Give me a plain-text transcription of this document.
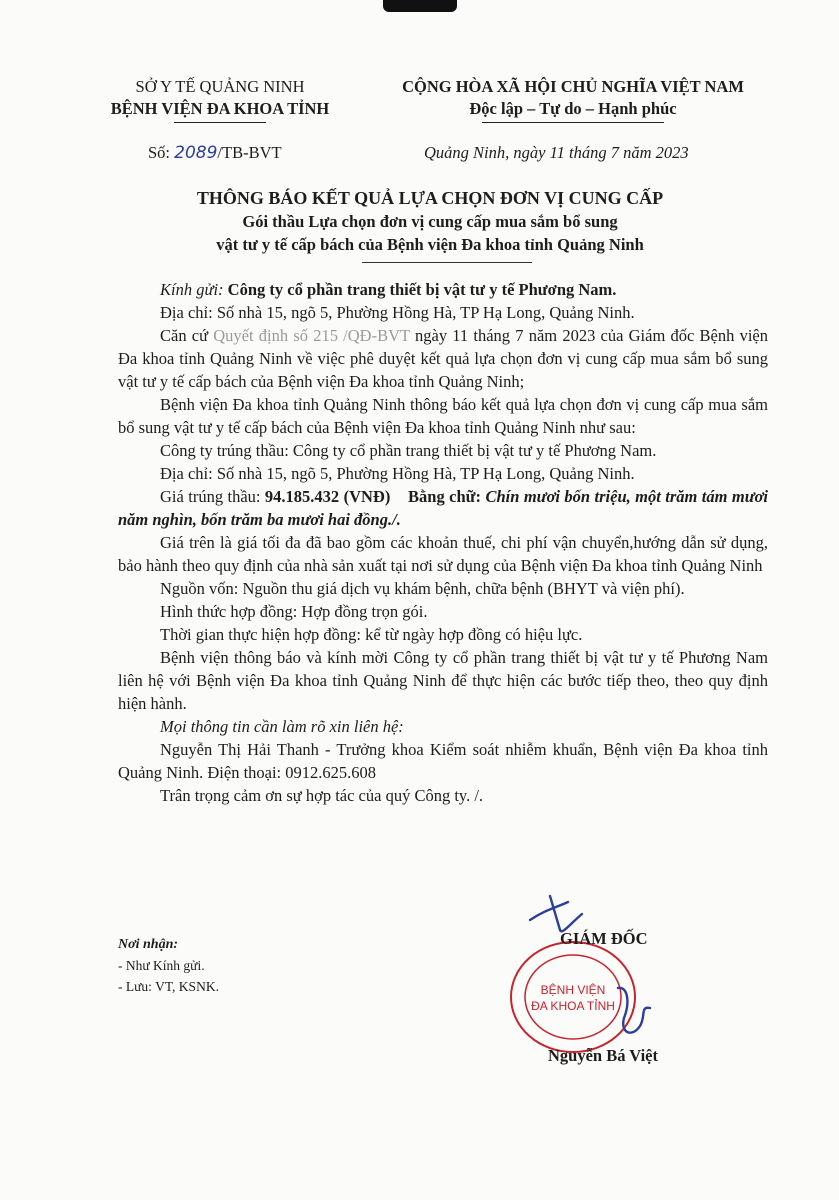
SỞ Y TẾ QUẢNG NINH
BỆNH VIỆN ĐA KHOA TỈNH
CỘNG HÒA XÃ HỘI CHỦ NGHĨA VIỆT NAM
Độc lập – Tự do – Hạnh phúc
Số: 2089/TB-BVT	Quảng Ninh, ngày 11 tháng 7 năm 2023
THÔNG BÁO KẾT QUẢ LỰA CHỌN ĐƠN VỊ CUNG CẤP
Gói thầu Lựa chọn đơn vị cung cấp mua sắm bổ sung
vật tư y tế cấp bách của Bệnh viện Đa khoa tỉnh Quảng Ninh

Kính gửi: Công ty cổ phần trang thiết bị vật tư y tế Phương Nam.

Địa chỉ: Số nhà 15, ngõ 5, Phường Hồng Hà, TP Hạ Long, Quảng Ninh.

Căn cứ Quyết định số 215 /QĐ-BVT ngày 11 tháng 7 năm 2023 của Giám đốc Bệnh viện Đa khoa tỉnh Quảng Ninh về việc phê duyệt kết quả lựa chọn đơn vị cung cấp mua sắm bổ sung vật tư y tế cấp bách của Bệnh viện Đa khoa tỉnh Quảng Ninh;

Bệnh viện Đa khoa tỉnh Quảng Ninh thông báo kết quả lựa chọn đơn vị cung cấp mua sắm bổ sung vật tư y tế cấp bách của Bệnh viện Đa khoa tỉnh Quảng Ninh như sau:

Công ty trúng thầu: Công ty cổ phần trang thiết bị vật tư y tế Phương Nam.

Địa chỉ: Số nhà 15, ngõ 5, Phường Hồng Hà, TP Hạ Long, Quảng Ninh.

Giá trúng thầu: 94.185.432 (VNĐ) Bằng chữ: Chín mươi bốn triệu, một trăm tám mươi năm nghìn, bốn trăm ba mươi hai đồng./.

Giá trên là giá tối đa đã bao gồm các khoản thuế, chi phí vận chuyển,hướng dẫn sử dụng, bảo hành theo quy định của nhà sản xuất tại nơi sử dụng của Bệnh viện Đa khoa tỉnh Quảng Ninh

Nguồn vốn: Nguồn thu giá dịch vụ khám bệnh, chữa bệnh (BHYT và viện phí).

Hình thức hợp đồng: Hợp đồng trọn gói.

Thời gian thực hiện hợp đồng: kể từ ngày hợp đồng có hiệu lực.

Bệnh viện thông báo và kính mời Công ty cổ phần trang thiết bị vật tư y tế Phương Nam liên hệ với Bệnh viện Đa khoa tỉnh Quảng Ninh để thực hiện các bước tiếp theo, theo quy định hiện hành.

Mọi thông tin cần làm rõ xin liên hệ:

Nguyễn Thị Hải Thanh - Trưởng khoa Kiểm soát nhiễm khuẩn, Bệnh viện Đa khoa tỉnh Quảng Ninh. Điện thoại: 0912.625.608

Trân trọng cảm ơn sự hợp tác của quý Công ty. /.

Nơi nhận:
- Như Kính gửi.
- Lưu: VT, KSNK.	BỆNH VIỆN
ĐA KHOA TỈNH
GIÁM ĐỐC
Nguyễn Bá Việt
